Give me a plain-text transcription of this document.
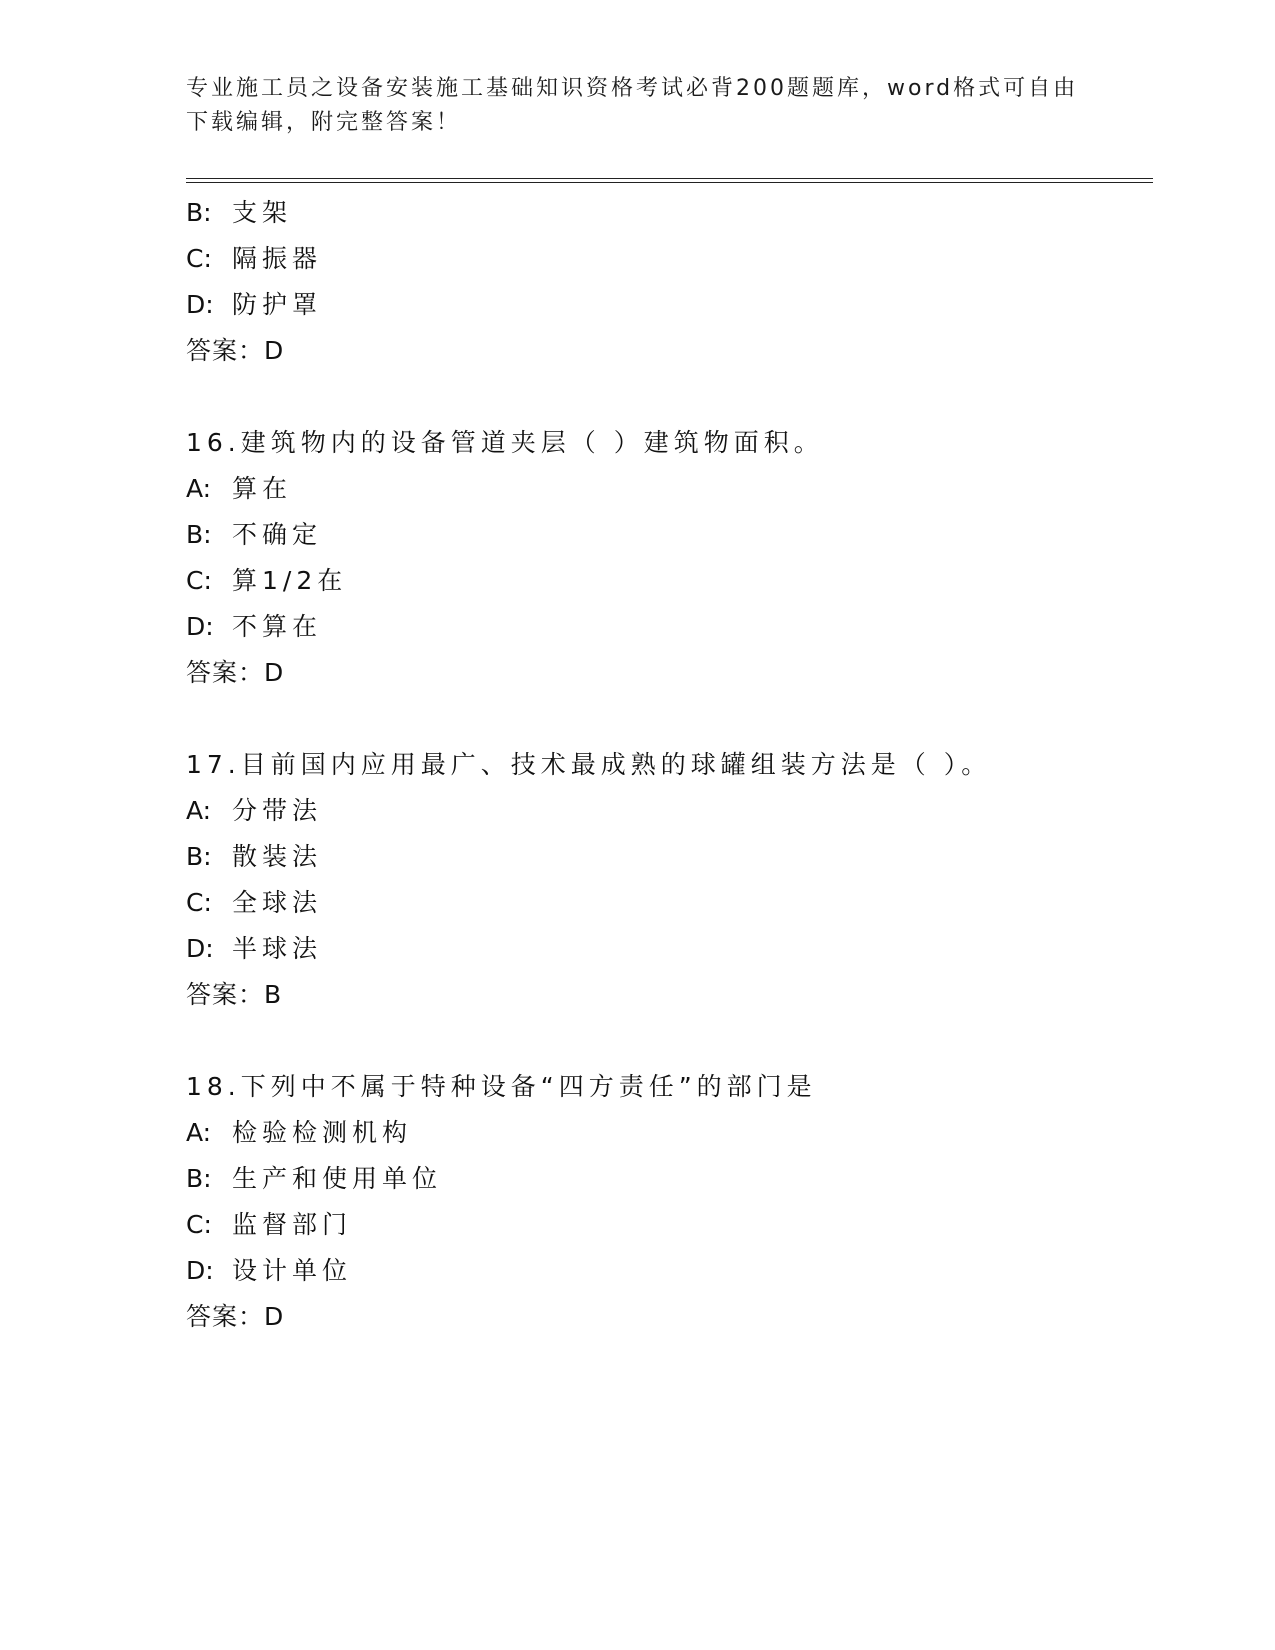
专业施工员之设备安装施工基础知识资格考试必背200题题库，word格式可自由
下载编辑，附完整答案！
B: 支架
C: 隔振器
D: 防护罩
答案：D
16.建筑物内的设备管道夹层（ ）建筑物面积。
A: 算在
B: 不确定
C: 算1/2在
D: 不算在
答案：D
17.目前国内应用最广、技术最成熟的球罐组装方法是（ ）。
A: 分带法
B: 散装法
C: 全球法
D: 半球法
答案：B
18.下列中不属于特种设备“四方责任”的部门是
A: 检验检测机构
B: 生产和使用单位
C: 监督部门
D: 设计单位
答案：D
